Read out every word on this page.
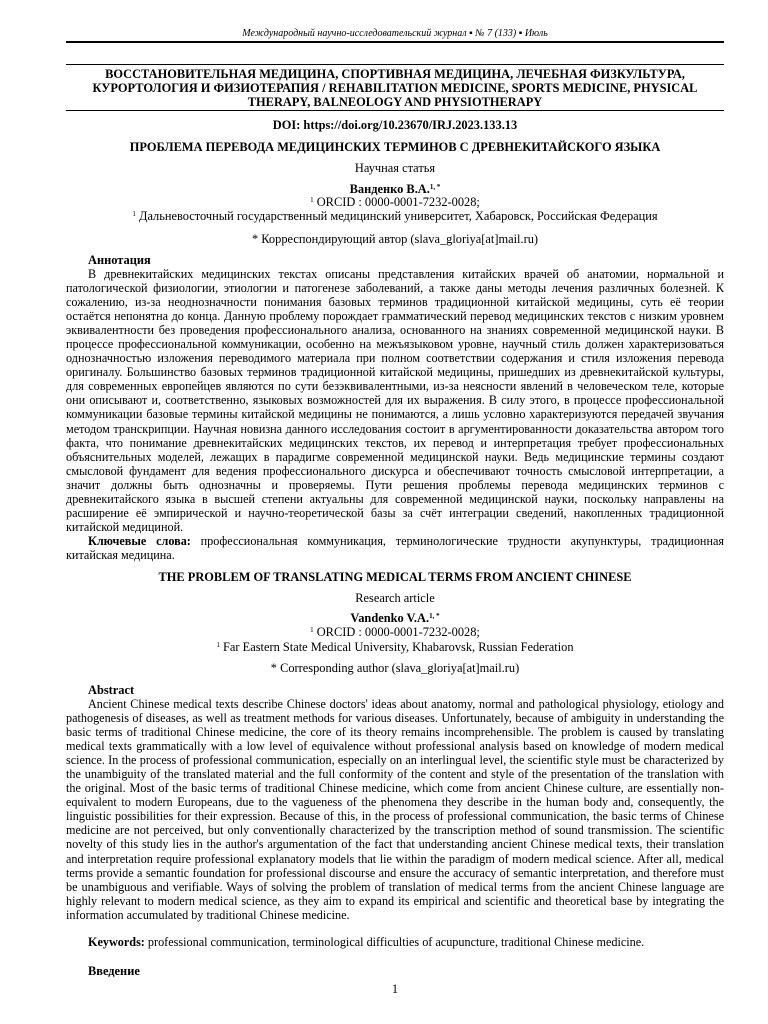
Международный научно-исследовательский журнал ▪ № 7 (133) ▪ Июль
ВОССТАНОВИТЕЛЬНАЯ МЕДИЦИНА, СПОРТИВНАЯ МЕДИЦИНА, ЛЕЧЕБНАЯ ФИЗКУЛЬТУРА, КУРОРТОЛОГИЯ И ФИЗИОТЕРАПИЯ / REHABILITATION MEDICINE, SPORTS MEDICINE, PHYSICAL THERAPY, BALNEOLOGY AND PHYSIOTHERAPY
DOI: https://doi.org/10.23670/IRJ.2023.133.13
ПРОБЛЕМА ПЕРЕВОДА МЕДИЦИНСКИХ ТЕРМИНОВ С ДРЕВНЕКИТАЙСКОГО ЯЗЫКА
Научная статья
Ванденко В.А.$^{1, *}$
$^1$ ORCID : 0000-0001-7232-0028;
$^1$ Дальневосточный государственный медицинский университет, Хабаровск, Российская Федерация
* Корреспондирующий автор (slava_gloriya[at]mail.ru)
Аннотация

В древнекитайских медицинских текстах описаны представления китайских врачей об анатомии, нормальной и патологической физиологии, этиологии и патогенезе заболеваний, а также даны методы лечения различных болезней. К сожалению, из-за неоднозначности понимания базовых терминов традиционной китайской медицины, суть её теории остаётся непонятна до конца. Данную проблему порождает грамматический перевод медицинских текстов с низким уровнем эквивалентности без проведения профессионального анализа, основанного на знаниях современной медицинской науки. В процессе профессиональной коммуникации, особенно на межъязыковом уровне, научный стиль должен характеризоваться однозначностью изложения переводимого материала при полном соответствии содержания и стиля изложения перевода оригиналу. Большинство базовых терминов традиционной китайской медицины, пришедших из древнекитайской культуры, для современных европейцев являются по сути безэквивалентными, из-за неясности явлений в человеческом теле, которые они описывают и, соответственно, языковых возможностей для их выражения. В силу этого, в процессе профессиональной коммуникации базовые термины китайской медицины не понимаются, а лишь условно характеризуются передачей звучания методом транскрипции. Научная новизна данного исследования состоит в аргументированности доказательства автором того факта, что понимание древнекитайских медицинских текстов, их перевод и интерпретация требует профессиональных объяснительных моделей, лежащих в парадигме современной медицинской науки. Ведь медицинские термины создают смысловой фундамент для ведения профессионального дискурса и обеспечивают точность смысловой интерпретации, а значит должны быть однозначны и проверяемы. Пути решения проблемы перевода медицинских терминов с древнекитайского языка в высшей степени актуальны для современной медицинской науки, поскольку направлены на расширение её эмпирической и научно-теоретической базы за счёт интеграции сведений, накопленных традиционной китайской медициной.

Ключевые слова: профессиональная коммуникация, терминологические трудности акупунктуры, традиционная китайская медицина.

THE PROBLEM OF TRANSLATING MEDICAL TERMS FROM ANCIENT CHINESE
Research article
Vandenko V.A.$^{1, *}$
$^1$ ORCID : 0000-0001-7232-0028;
$^1$ Far Eastern State Medical University, Khabarovsk, Russian Federation
* Corresponding author (slava_gloriya[at]mail.ru)
Abstract

Ancient Chinese medical texts describe Chinese doctors' ideas about anatomy, normal and pathological physiology, etiology and pathogenesis of diseases, as well as treatment methods for various diseases. Unfortunately, because of ambiguity in understanding the basic terms of traditional Chinese medicine, the core of its theory remains incomprehensible. The problem is caused by translating medical texts grammatically with a low level of equivalence without professional analysis based on knowledge of modern medical science. In the process of professional communication, especially on an interlingual level, the scientific style must be characterized by the unambiguity of the translated material and the full conformity of the content and style of the presentation of the translation with the original. Most of the basic terms of traditional Chinese medicine, which come from ancient Chinese culture, are essentially non-equivalent to modern Europeans, due to the vagueness of the phenomena they describe in the human body and, consequently, the linguistic possibilities for their expression. Because of this, in the process of professional communication, the basic terms of Chinese medicine are not perceived, but only conventionally characterized by the transcription method of sound transmission. The scientific novelty of this study lies in the author's argumentation of the fact that understanding ancient Chinese medical texts, their translation and interpretation require professional explanatory models that lie within the paradigm of modern medical science. After all, medical terms provide a semantic foundation for professional discourse and ensure the accuracy of semantic interpretation, and therefore must be unambiguous and verifiable. Ways of solving the problem of translation of medical terms from the ancient Chinese language are highly relevant to modern medical science, as they aim to expand its empirical and scientific and theoretical base by integrating the information accumulated by traditional Chinese medicine.

Keywords: professional communication, terminological difficulties of acupuncture, traditional Chinese medicine.

Введение
1
